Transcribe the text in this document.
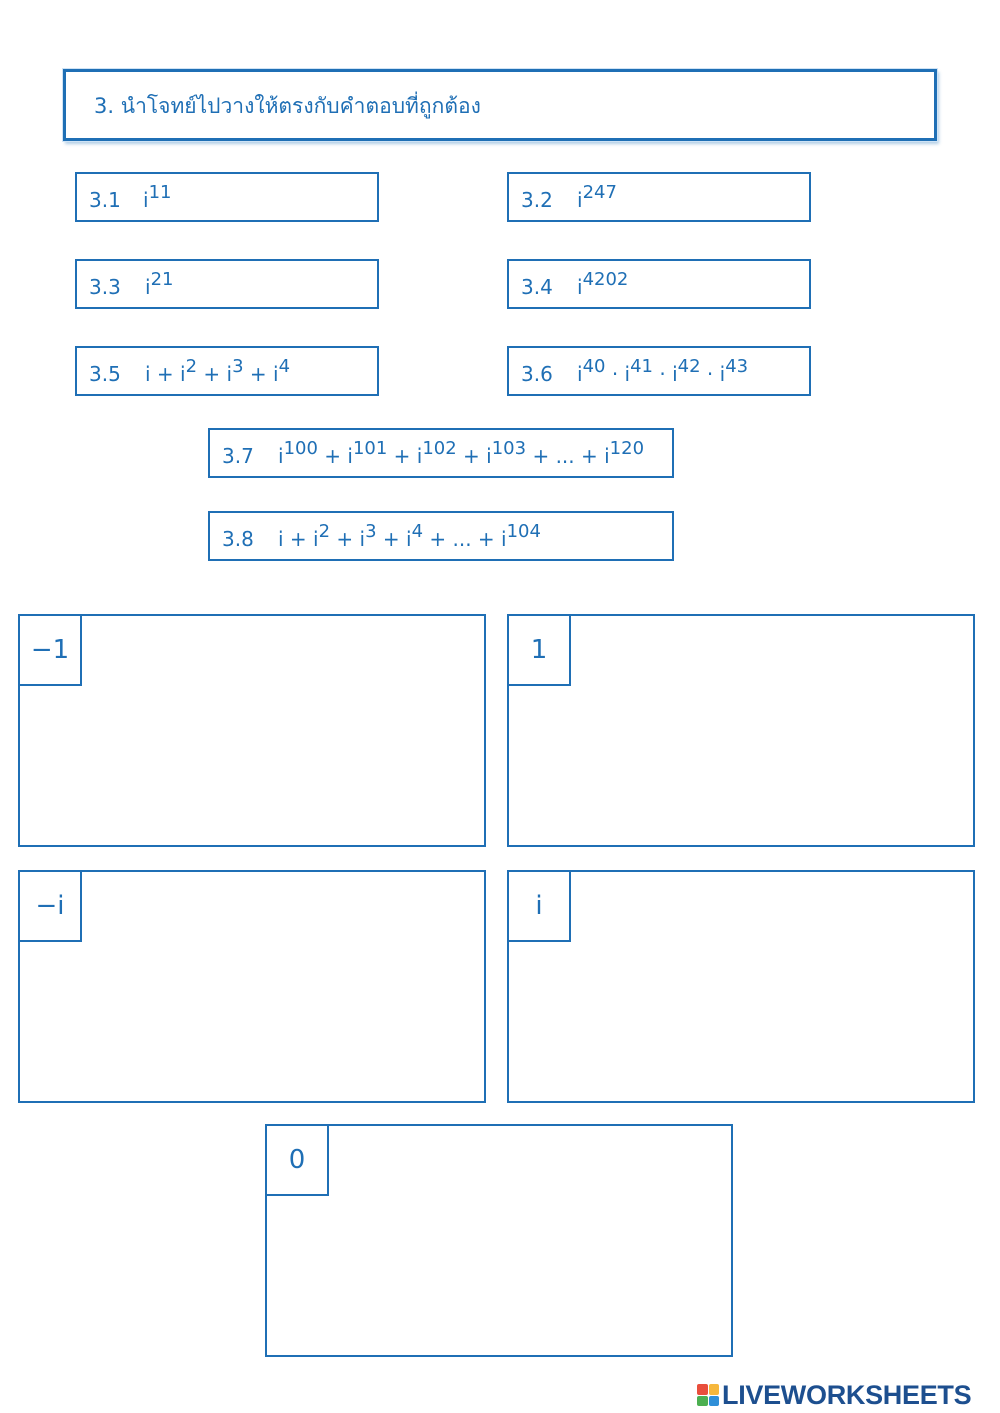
3. นำโจทย์ไปวางให้ตรงกับคำตอบที่ถูกต้อง
3.1 $i^{11}$	3.2 $i^{247}$
3.3 $i^{21}$	3.4 $i^{4202}$
3.5 $i + i^2 + i^3 + i^4$	3.6 $i^{40} \cdot i^{41} \cdot i^{42} \cdot i^{43}$
3.7 $i^{100} + i^{101} + i^{102} + i^{103}$ + ... + $i^{120}$
3.8 $i + i^2 + i^3 + i^4$ + ... + $i^{104}$
−1	1
−i	i
0
LIVEWORKSHEETS
